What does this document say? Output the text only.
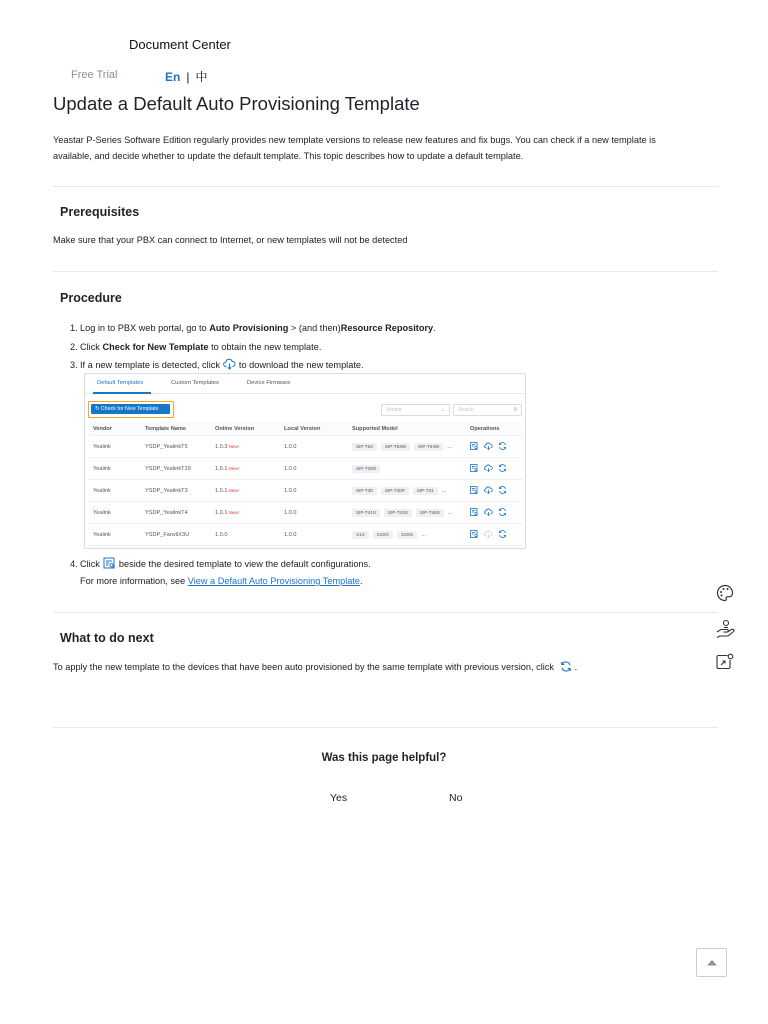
Document Center
Free Trial	En | 中
Update a Default Auto Provisioning Template

Yeastar P-Series Software Edition regularly provides new template versions to release new features and fix bugs. You can check if a new template is available, and decide whether to update the default template. This topic describes how to update a default template.

Prerequisites

Make sure that your PBX can connect to Internet, or new templates will not be detected

Procedure
1. Log in to PBX web portal, go to
Auto Provisioning
> (and then) Resource Repository .
2. Click
Check for New Template
to obtain the new template.
3. If a new template is detected, click to download the new template.
Default Templates	Custom Templates	Device Firmware
↻ Check for New Template	Vendor	⌄	Search	⚲
Vendor	Template Name	Online Version	Local Version	Supported Model	Operations
Yealink	YSDP_YealinkT5	$1.0.3^{New!}$	1.0.0	SIP-T53	SIP-T53W	SIP-T54W ...
Yealink	YSDP_YealinkT29	$1.0.1^{New!}$	1.0.0	SIP-T29G
Yealink	YSDP_YealinkT3	$1.0.1^{New!}$	1.0.0	SIP-T30	SIP-T30P	SIP-T31 ...
Yealink	YSDP_YealinkT4	$1.0.1^{New!}$	1.0.0	SIP-T41S	SIP-T42S	SIP-T46S ...
Yealink	YSDP_FanvilX3U	1.0.0	1.0.0	X1S	X1SG	X3SG ...
4. Click beside the desired template to view the default configurations.
For more information, see View a Default Auto Provisioning Template.
What to do next

To apply the new template to the devices that have been auto provisioned by the same template with previous version, click .

Was this page helpful?
Yes	No
